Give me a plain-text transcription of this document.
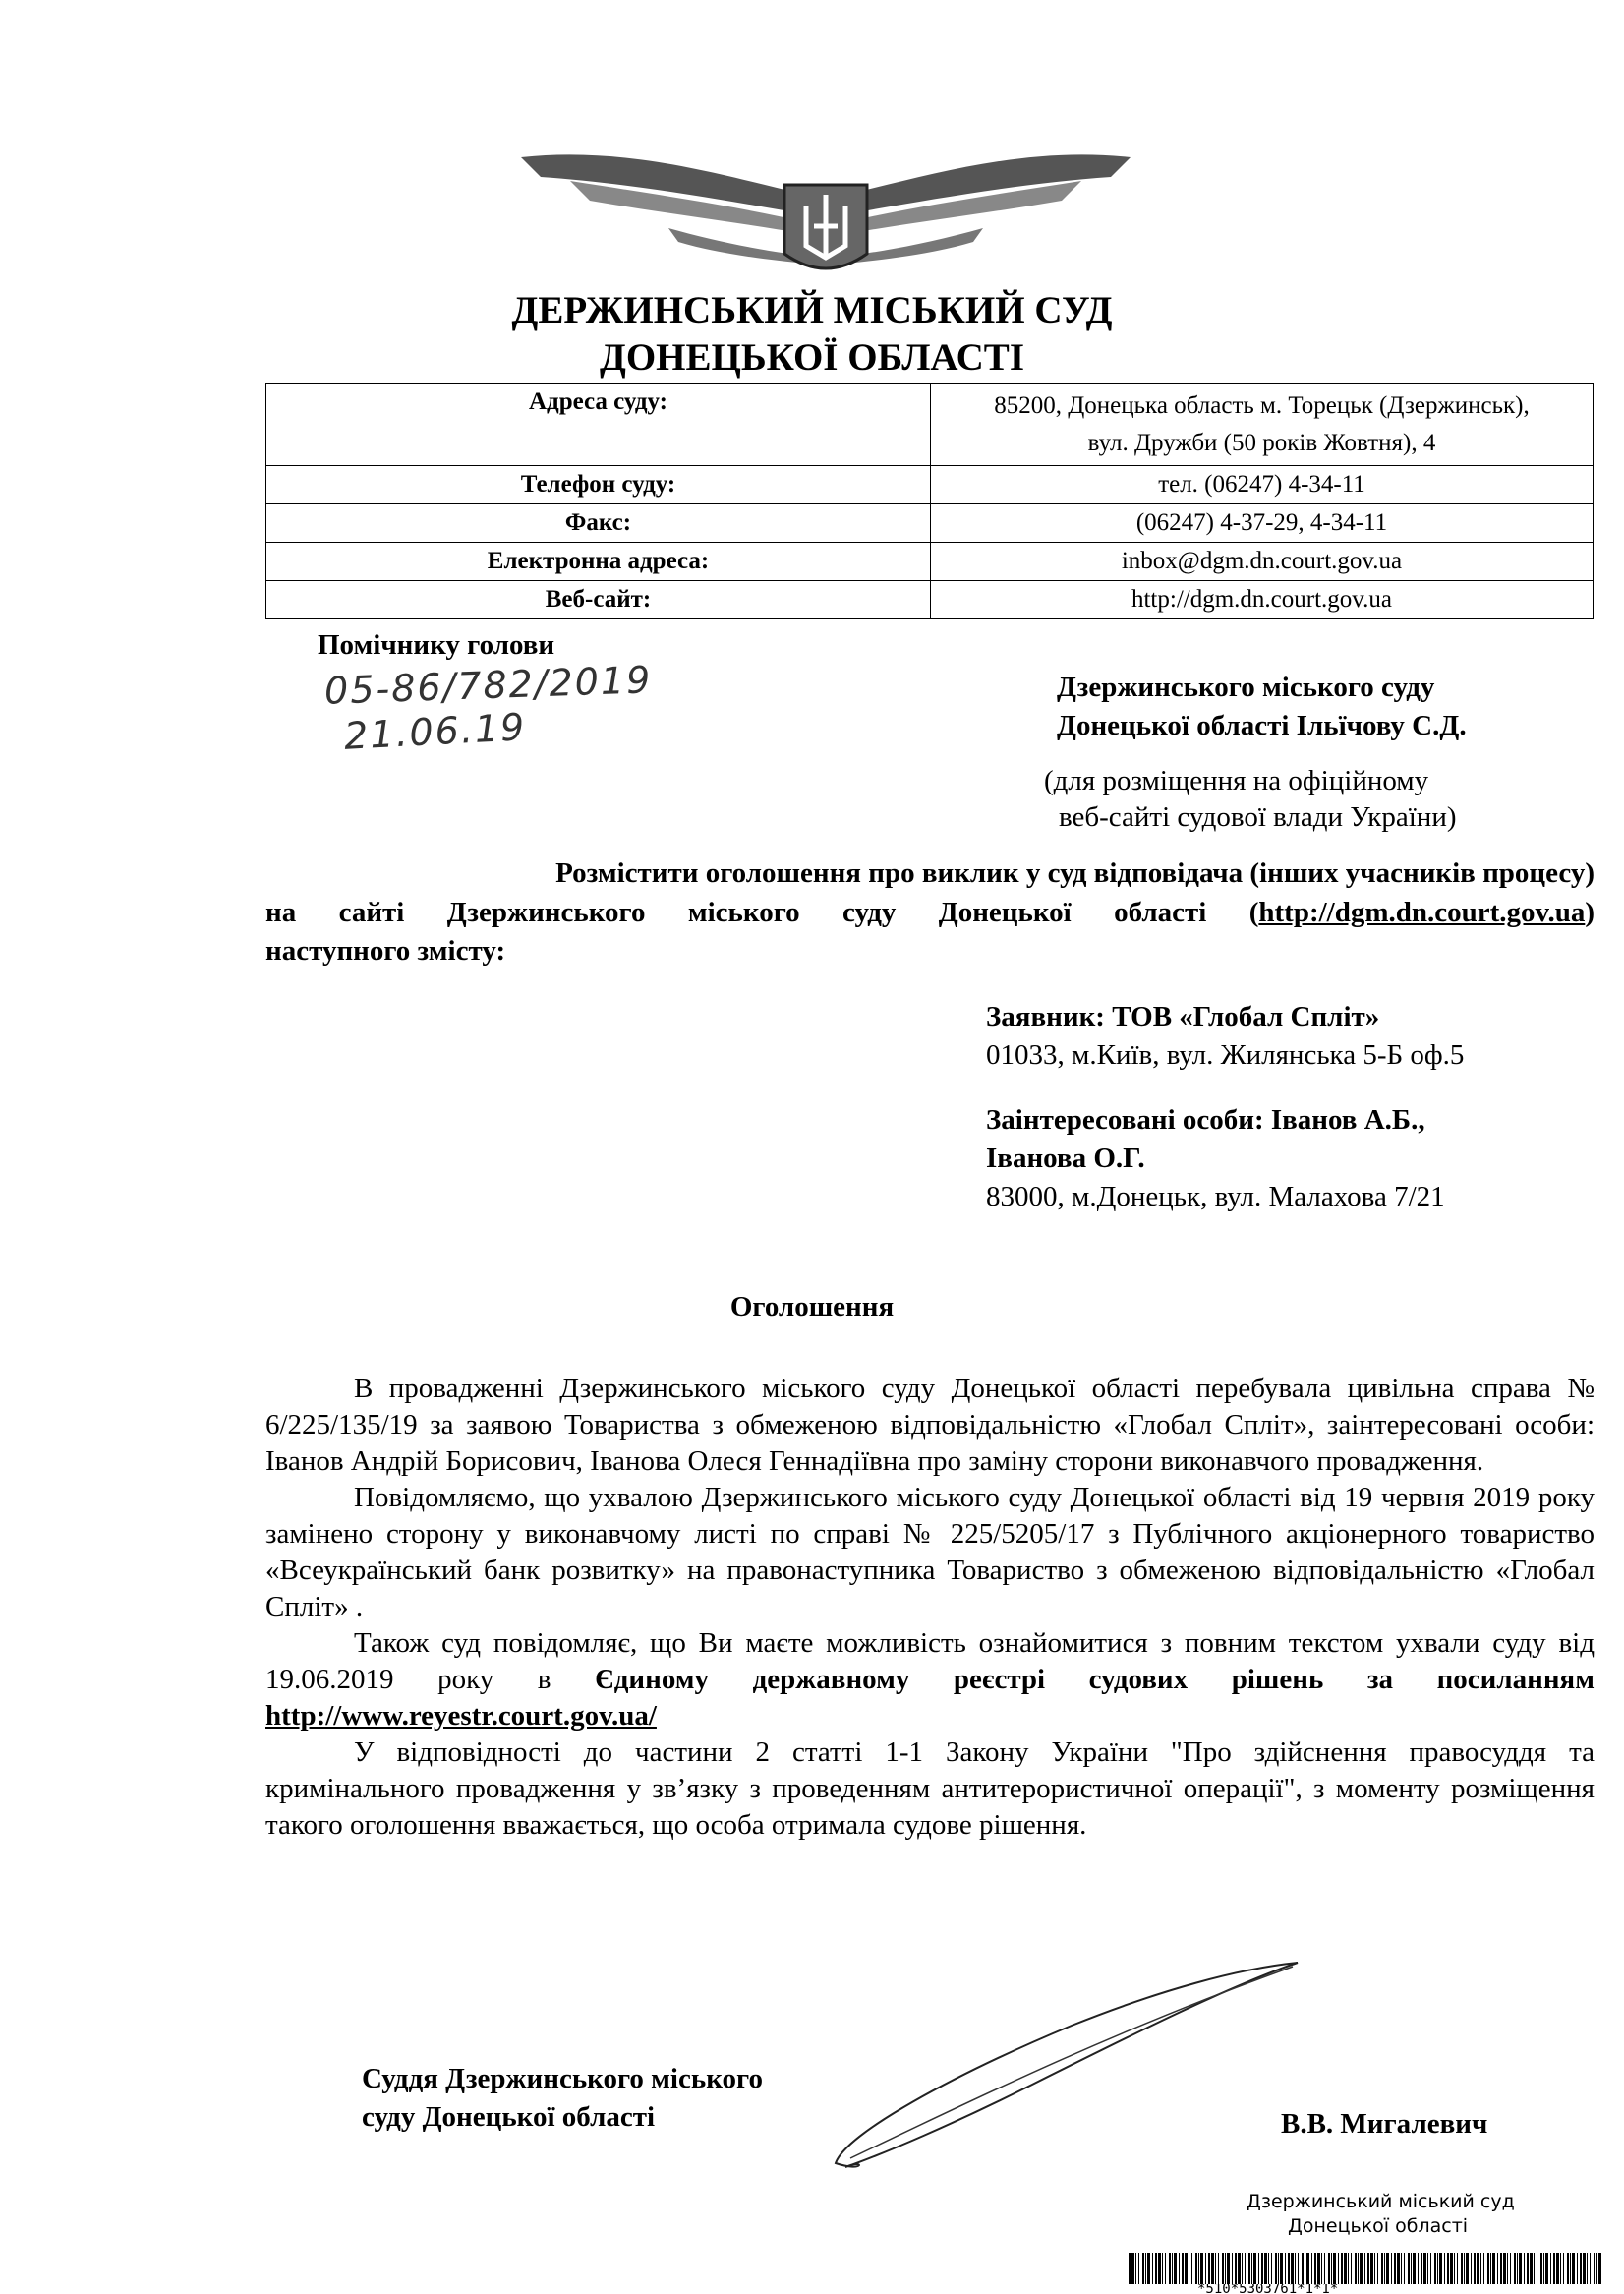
ДЕРЖИНСЬКИЙ МІСЬКИЙ СУД
ДОНЕЦЬКОЇ ОБЛАСТІ
Адреса суду:	85200, Донецька область м. Торецьк (Дзержинськ),
вул. Дружби (50 років Жовтня), 4

Телефон суду:	тел. (06247) 4-34-11
Факс:	(06247) 4-37-29, 4-34-11
Електронна адреса:	inbox@dgm.dn.court.gov.ua
Веб-сайт:	http://dgm.dn.court.gov.ua
Помічнику голови
05-86/782/2019
21.06.19
Дзержинського міського суду
Донецької області Ільїчову С.Д.
(для розміщення на офіційному
веб-сайті судової влади України)
Розмістити оголошення про виклик у суд відповідача (інших учасників процесу)
на сайті Дзержинського міського суду Донецької області (http://dgm.dn.court.gov.ua)
наступного змісту:
Заявник: ТОВ «Глобал Спліт»
01033, м.Київ, вул. Жилянська 5-Б оф.5
Заінтересовані особи: Іванов А.Б.,
Іванова О.Г.
83000, м.Донецьк, вул. Малахова 7/21
Оголошення

В провадженні Дзержинського міського суду Донецької області перебувала цивільна справа № 6/225/135/19 за заявою Товариства з обмеженою відповідальністю «Глобал Спліт», заінтересовані особи: Іванов Андрій Борисович, Іванова Олеся Геннадіївна про заміну сторони виконавчого провадження.

Повідомляємо, що ухвалою Дзержинського міського суду Донецької області від 19 червня 2019 року замінено сторону у виконавчому листі по справі № 225/5205/17 з Публічного акціонерного товариство «Всеукраїнський банк розвитку» на правонаступника Товариство з обмеженою відповідальністю «Глобал Спліт» .

Також суд повідомляє, що Ви маєте можливість ознайомитися з повним текстом ухвали суду від 19.06.2019 року в Єдиному державному реєстрі судових рішень за посиланням http://www.reyestr.court.gov.ua/

У відповідності до частини 2 статті 1-1 Закону України "Про здійснення правосуддя та кримінального провадження у зв’язку з проведенням антитерористичної операції", з моменту розміщення такого оголошення вважається, що особа отримала судове рішення.

Суддя Дзержинського міського
суду Донецької області	В.В. Мигалевич
Дзержинський міський суд
Донецької області
*510*5303761*1*1*
